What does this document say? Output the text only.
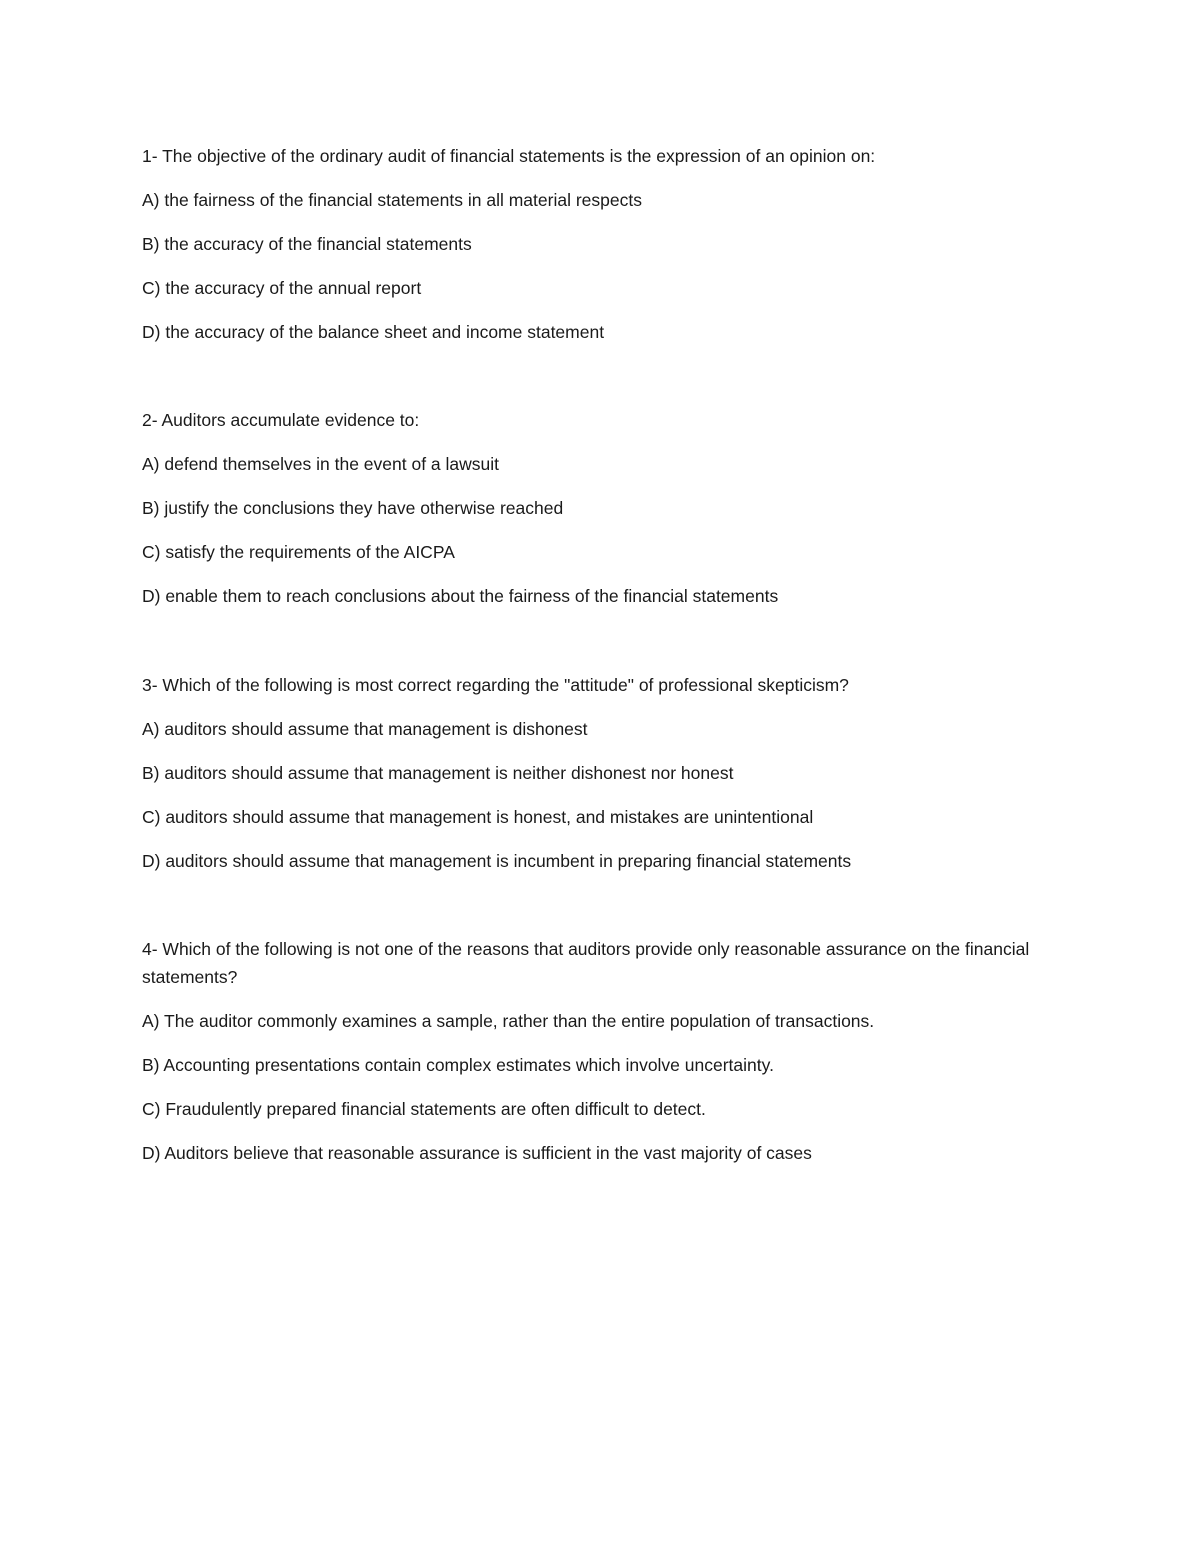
1- The objective of the ordinary audit of financial statements is the expression of an opinion on:

A) the fairness of the financial statements in all material respects

B) the accuracy of the financial statements

C) the accuracy of the annual report

D) the accuracy of the balance sheet and income statement

2- Auditors accumulate evidence to:

A) defend themselves in the event of a lawsuit

B) justify the conclusions they have otherwise reached

C) satisfy the requirements of the AICPA

D) enable them to reach conclusions about the fairness of the financial statements

3- Which of the following is most correct regarding the "attitude" of professional skepticism?

A) auditors should assume that management is dishonest

B) auditors should assume that management is neither dishonest nor honest

C) auditors should assume that management is honest, and mistakes are unintentional

D) auditors should assume that management is incumbent in preparing financial statements

4- Which of the following is not one of the reasons that auditors provide only reasonable assurance on the financial statements?

A) The auditor commonly examines a sample, rather than the entire population of transactions.

B) Accounting presentations contain complex estimates which involve uncertainty.

C) Fraudulently prepared financial statements are often difficult to detect.

D) Auditors believe that reasonable assurance is sufficient in the vast majority of cases
